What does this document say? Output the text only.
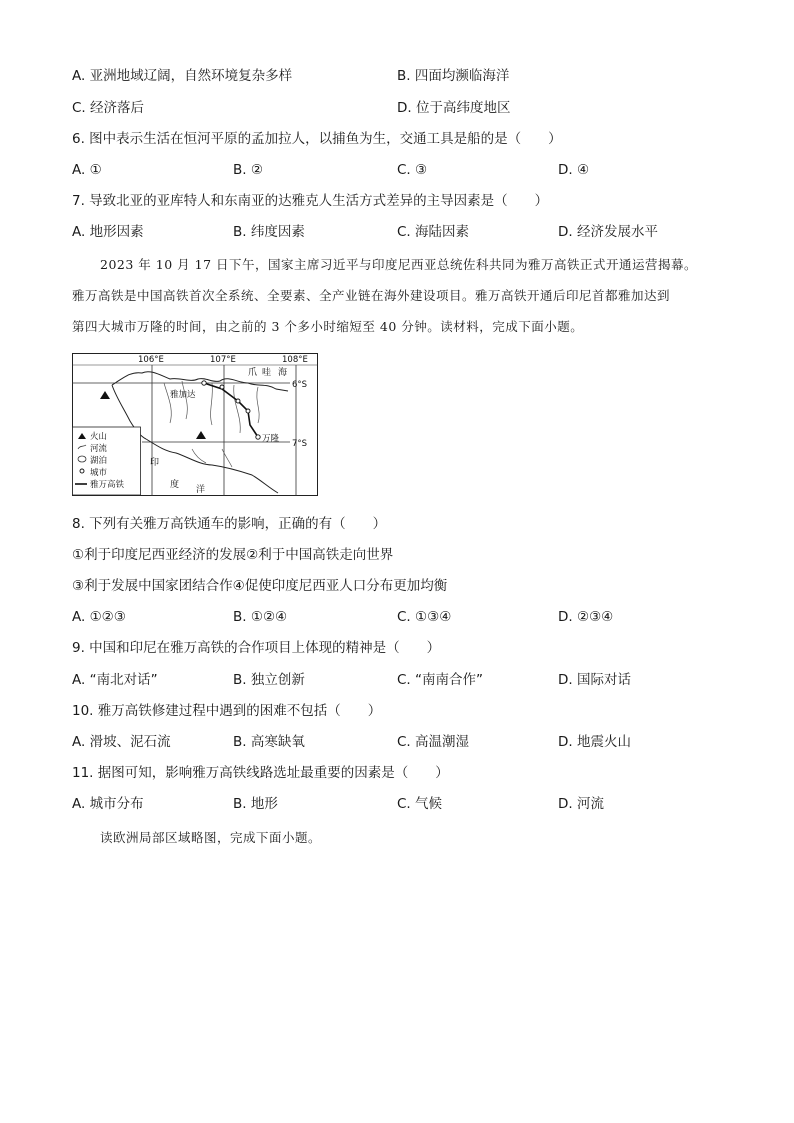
A. 亚洲地域辽阔，自然环境复杂多样	B. 四面均濒临海洋
C. 经济落后	D. 位于高纬度地区
6. 图中表示生活在恒河平原的孟加拉人，以捕鱼为生，交通工具是船的是（　　）
A. ①	B. ②	C. ③	D. ④
7. 导致北亚的亚库特人和东南亚的达雅克人生活方式差异的主导因素是（　　）
A. 地形因素	B. 纬度因素	C. 海陆因素	D. 经济发展水平
2023 年 10 月 17 日下午，国家主席习近平与印度尼西亚总统佐科共同为雅万高铁正式开通运营揭幕。
雅万高铁是中国高铁首次全系统、全要素、全产业链在海外建设项目。雅万高铁开通后印尼首都雅加达到
第四大城市万隆的时间，由之前的 3 个多小时缩短至 40 分钟。读材料，完成下面小题。
106°E	107°E	108°E
6°S
7°S
爪 哇 海
印
度 洋
雅加达
万隆
火山
河流
湖泊
城市
雅万高铁
8. 下列有关雅万高铁通车的影响，正确的有（　　）
①利于印度尼西亚经济的发展②利于中国高铁走向世界
③利于发展中国家团结合作④促使印度尼西亚人口分布更加均衡
A. ①②③	B. ①②④	C. ①③④	D. ②③④
9. 中国和印尼在雅万高铁的合作项目上体现的精神是（　　）
A. “南北对话”	B. 独立创新	C. “南南合作”	D. 国际对话
10. 雅万高铁修建过程中遇到的困难不包括（　　）
A. 滑坡、泥石流	B. 高寒缺氧	C. 高温潮湿	D. 地震火山
11. 据图可知，影响雅万高铁线路选址最重要的因素是（　　）
A. 城市分布	B. 地形	C. 气候	D. 河流
读欧洲局部区域略图，完成下面小题。
